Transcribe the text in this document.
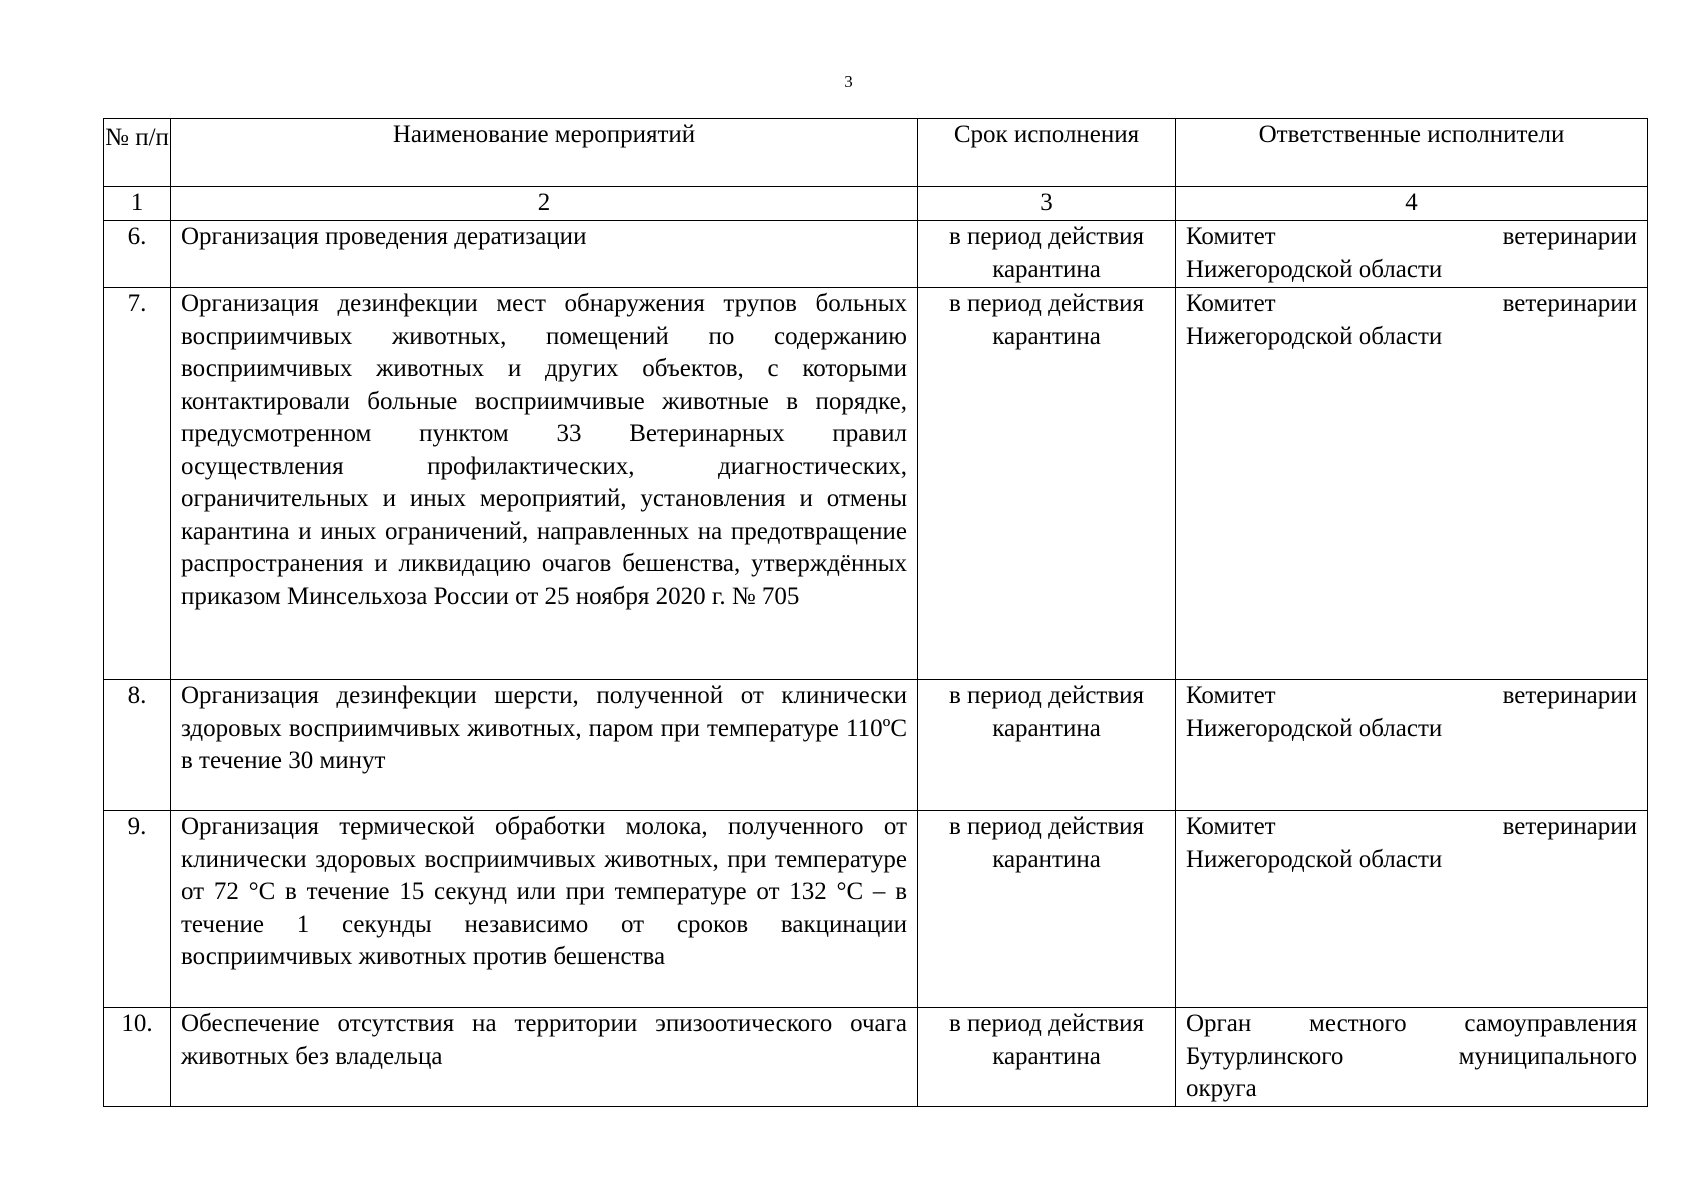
3
№ п/п	Наименование мероприятий	Срок исполнения	Ответственные исполнители
1	2	3	4
6.	Организация проведения дератизации	в период действия карантина	Комитет ветеринарии
Нижегородской области

7.	Организация дезинфекции мест обнаружения трупов больных восприимчивых животных, помещений по содержанию восприимчивых животных и других объектов, с которыми контактировали больные восприимчивые животные в порядке, предусмотренном пунктом 33 Ветеринарных правил осуществления профилактических, диагностических, ограничительных и иных мероприятий, установления и отмены карантина и иных ограничений, направленных на предотвращение распространения и ликвидацию очагов бешенства, утверждённых приказом Минсельхоза России от 25 ноября 2020 г. № 705	в период действия карантина	Комитет ветеринарии
Нижегородской области

8.	Организация дезинфекции шерсти, полученной от клинически здоровых восприимчивых животных, паром при температуре 110ºС в течение 30 минут	в период действия карантина	Комитет ветеринарии
Нижегородской области

9.	Организация термической обработки молока, полученного от клинически здоровых восприимчивых животных, при температуре от 72 °С в течение 15 секунд или при температуре от 132 °С – в течение 1 секунды независимо от сроков вакцинации восприимчивых животных против бешенства	в период действия карантина	Комитет ветеринарии
Нижегородской области

10.	Обеспечение отсутствия на территории эпизоотического очага животных без владельца	в период действия карантина	Орган местного самоуправления
Бутурлинского муниципального
округа
